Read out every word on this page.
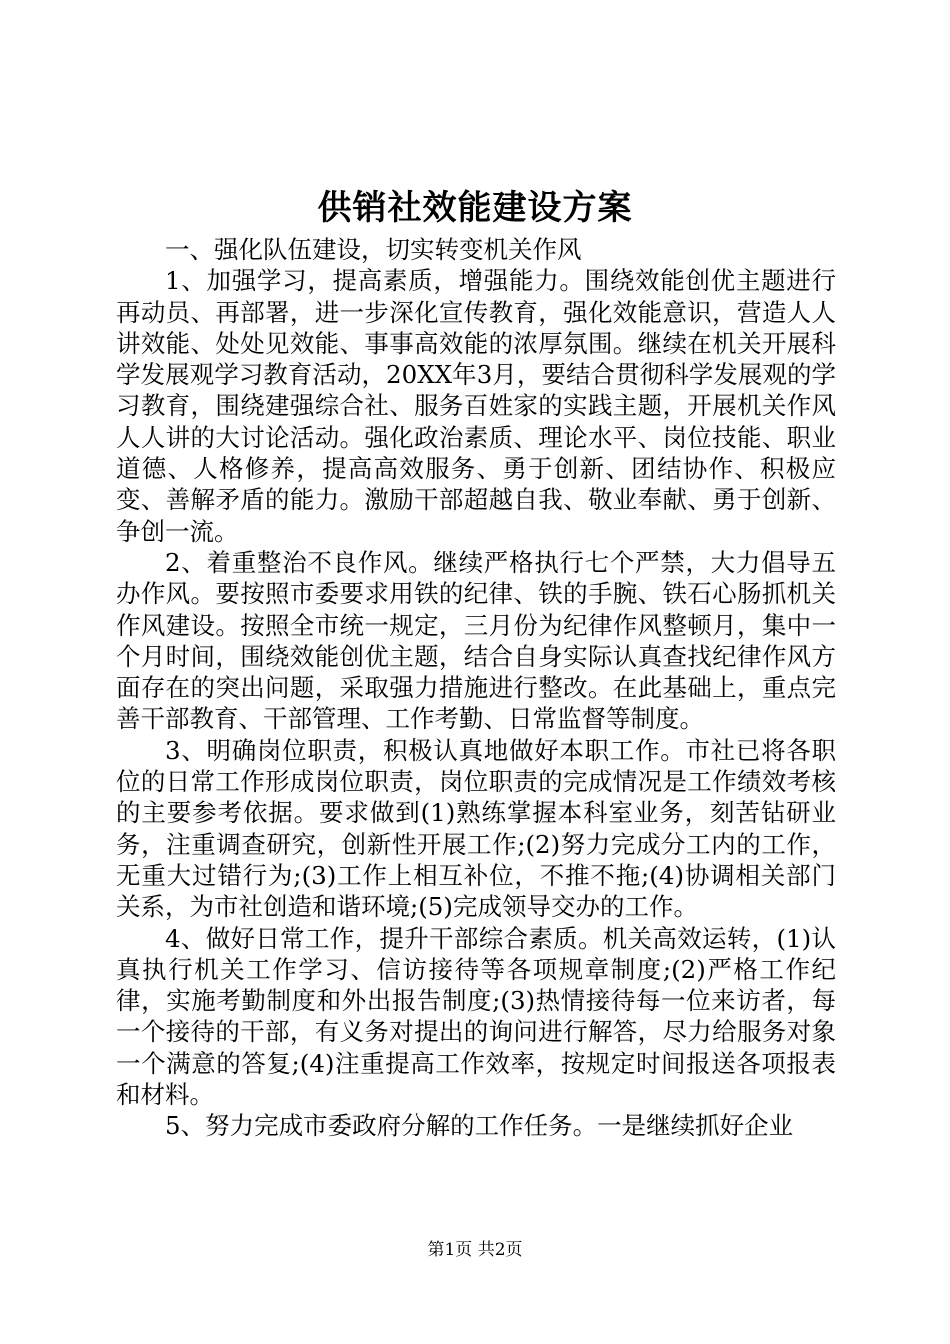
供销社效能建设方案

一、强化队伍建设，切实转变机关作风

1、加强学习，提高素质，增强能力。围绕效能创优主题进行再动员、再部署，进一步深化宣传教育，强化效能意识，营造人人讲效能、处处见效能、事事高效能的浓厚氛围。继续在机关开展科学发展观学习教育活动，20XX年3月，要结合贯彻科学发展观的学习教育，围绕建强综合社、服务百姓家的实践主题，开展机关作风人人讲的大讨论活动。强化政治素质、理论水平、岗位技能、职业道德、人格修养，提高高效服务、勇于创新、团结协作、积极应变、善解矛盾的能力。激励干部超越自我、敬业奉献、勇于创新、争创一流。

2、着重整治不良作风。继续严格执行七个严禁，大力倡导五办作风。要按照市委要求用铁的纪律、铁的手腕、铁石心肠抓机关作风建设。按照全市统一规定，三月份为纪律作风整顿月，集中一个月时间，围绕效能创优主题，结合自身实际认真查找纪律作风方面存在的突出问题，采取强力措施进行整改。在此基础上，重点完善干部教育、干部管理、工作考勤、日常监督等制度。

3、明确岗位职责，积极认真地做好本职工作。市社已将各职位的日常工作形成岗位职责，岗位职责的完成情况是工作绩效考核的主要参考依据。要求做到(1)熟练掌握本科室业务，刻苦钻研业务，注重调查研究，创新性开展工作;(2)努力完成分工内的工作，无重大过错行为;(3)工作上相互补位，不推不拖;(4)协调相关部门关系，为市社创造和谐环境;(5)完成领导交办的工作。

4、做好日常工作，提升干部综合素质。机关高效运转，(1)认真执行机关工作学习、信访接待等各项规章制度;(2)严格工作纪律，实施考勤制度和外出报告制度;(3)热情接待每一位来访者，每一个接待的干部，有义务对提出的询问进行解答，尽力给服务对象一个满意的答复;(4)注重提高工作效率，按规定时间报送各项报表和材料。

5、努力完成市委政府分解的工作任务。一是继续抓好企业

第1页 共2页
